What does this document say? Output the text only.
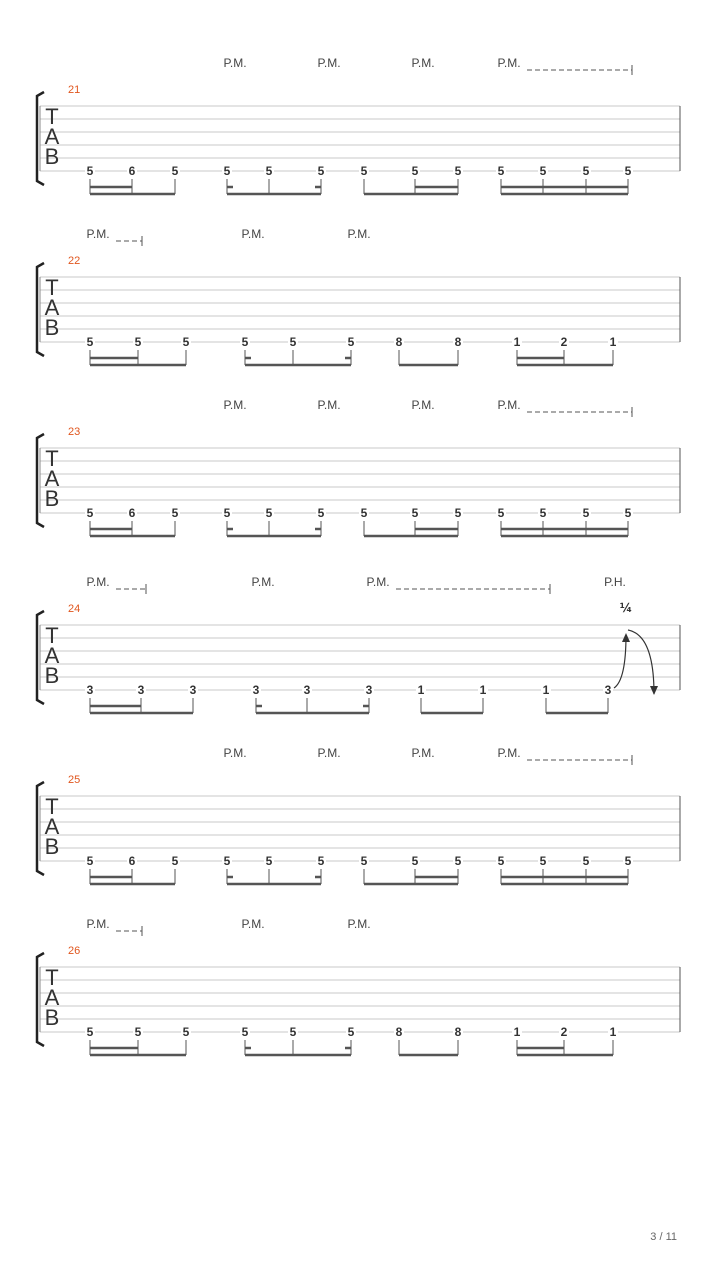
T
A
B
21
P.M.	P.M.	P.M.	P.M.
5	6	5	5	5	5	5	5	5	5	5	5	5
T
A
B
22
P.M.	P.M.	P.M.
5	5	5	5	5	5	8	8	1	2	1
T
A
B
23
P.M.	P.M.	P.M.	P.M.
5	6	5	5	5	5	5	5	5	5	5	5	5
T
A
B
24
P.M.	P.M.	P.M.	P.H.
3	3	3	3	3	3	1	1	1	3
¼
T
A
B
25
P.M.	P.M.	P.M.	P.M.
5	6	5	5	5	5	5	5	5	5	5	5	5
T
A
B
26
P.M.	P.M.	P.M.
5	5	5	5	5	5	8	8	1	2	1
3 / 11
